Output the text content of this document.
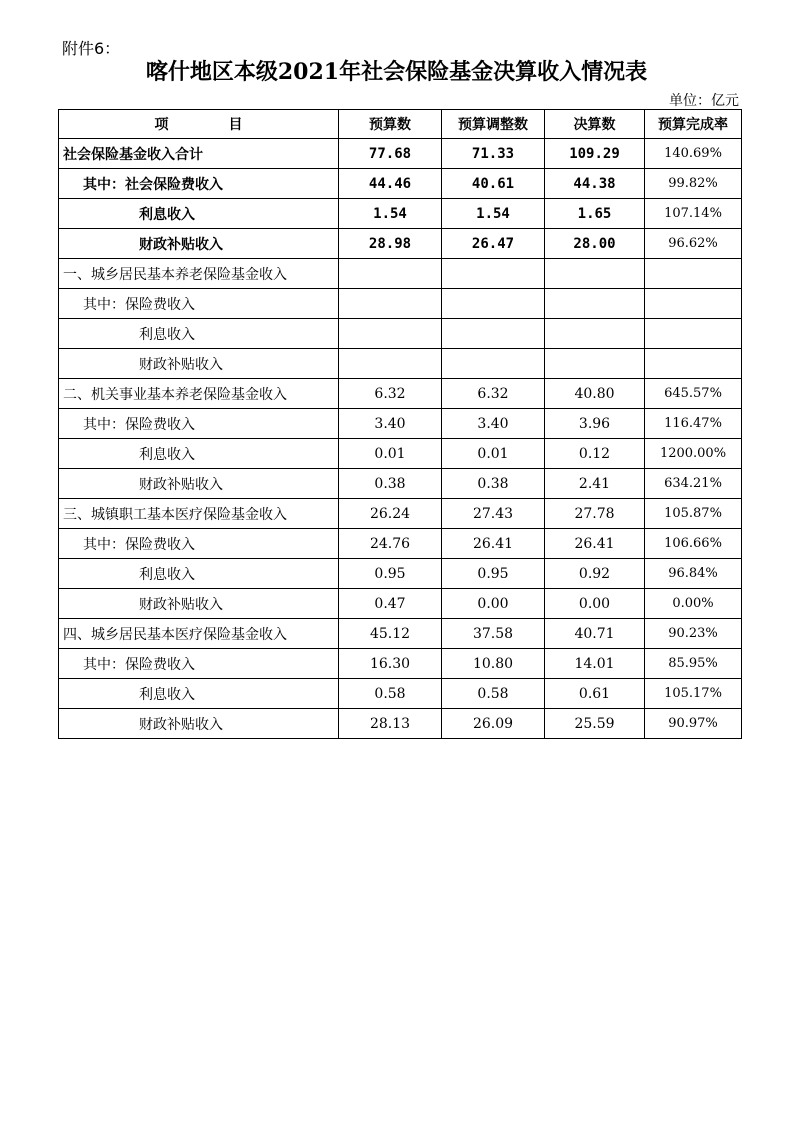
附件6：
喀什地区本级2021年社会保险基金决算收入情况表
单位：亿元
项 目	预算数	预算调整数	决算数	预算完成率
社会保险基金收入合计	77.68	71.33	109.29	140.69%
其中：社会保险费收入	44.46	40.61	44.38	99.82%
利息收入	1.54	1.54	1.65	107.14%
财政补贴收入	28.98	26.47	28.00	96.62%
一、城乡居民基本养老保险基金收入				
其中：保险费收入				
利息收入				
财政补贴收入				
二、机关事业基本养老保险基金收入	6.32	6.32	40.80	645.57%
其中：保险费收入	3.40	3.40	3.96	116.47%
利息收入	0.01	0.01	0.12	1200.00%
财政补贴收入	0.38	0.38	2.41	634.21%
三、城镇职工基本医疗保险基金收入	26.24	27.43	27.78	105.87%
其中：保险费收入	24.76	26.41	26.41	106.66%
利息收入	0.95	0.95	0.92	96.84%
财政补贴收入	0.47	0.00	0.00	0.00%
四、城乡居民基本医疗保险基金收入	45.12	37.58	40.71	90.23%
其中：保险费收入	16.30	10.80	14.01	85.95%
利息收入	0.58	0.58	0.61	105.17%
财政补贴收入	28.13	26.09	25.59	90.97%
